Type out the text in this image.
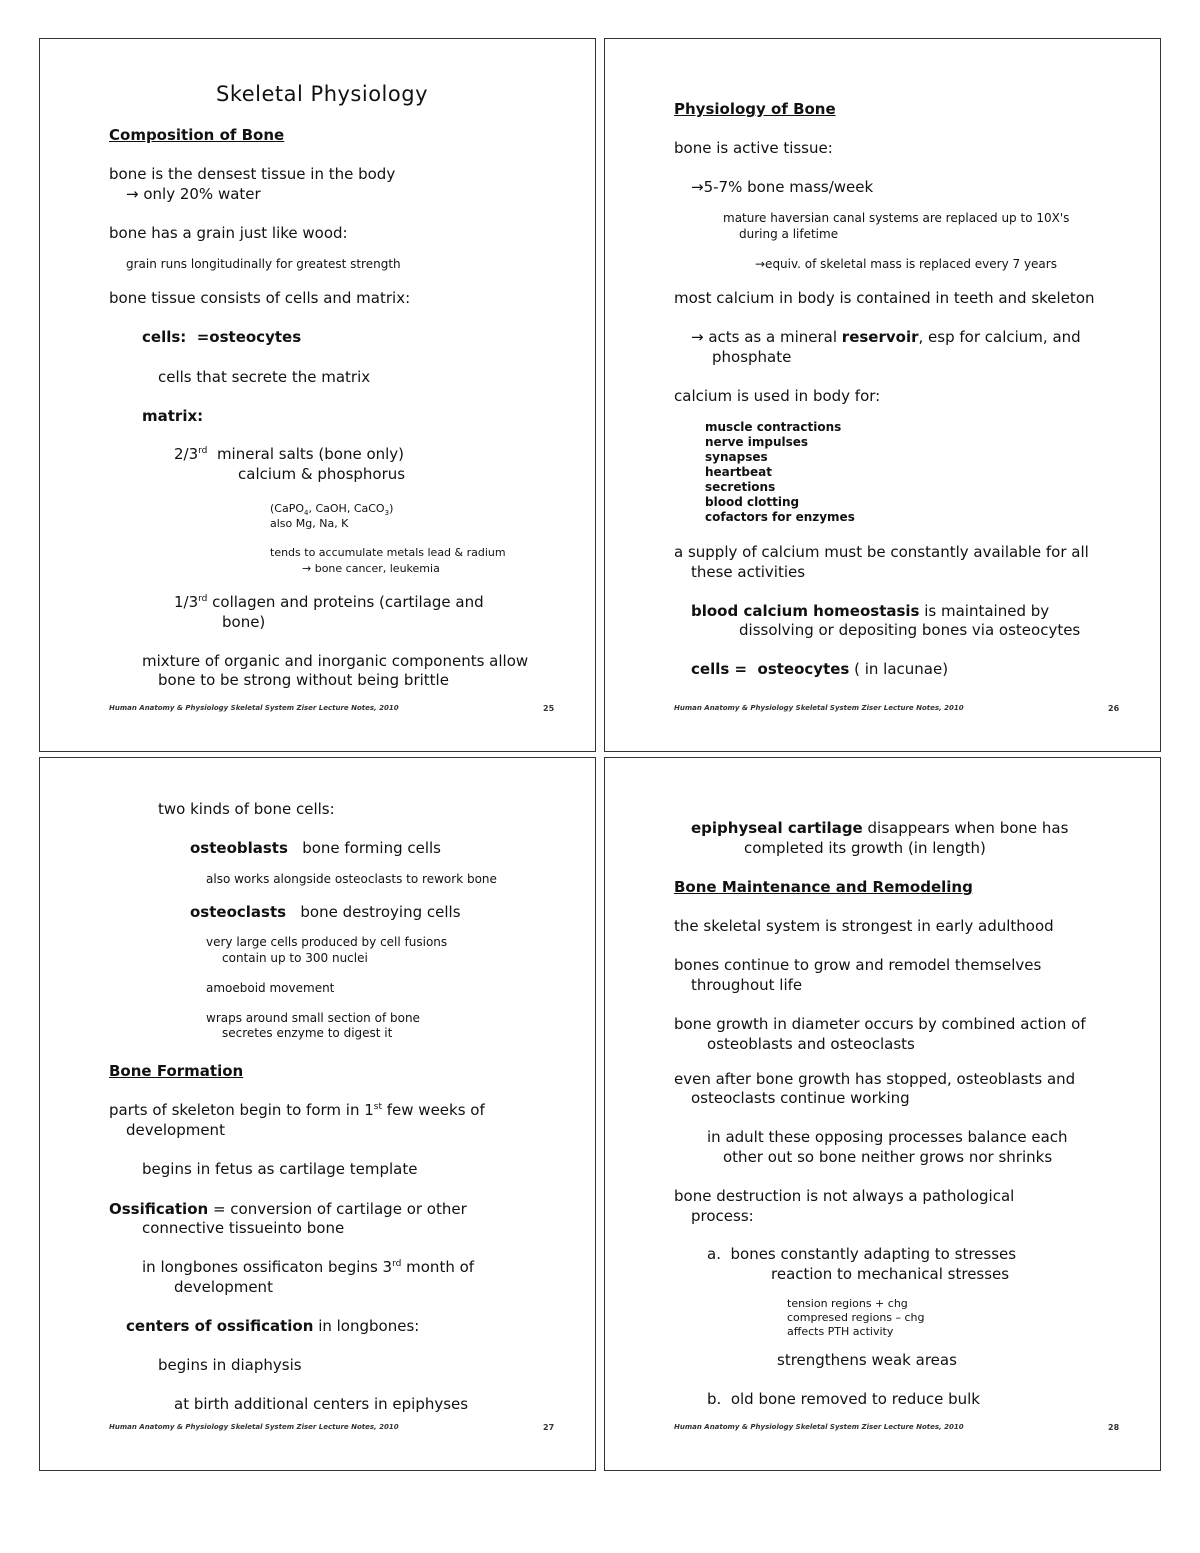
Skeletal Physiology
Composition of Bone
bone is the densest tissue in the body
→ only 20% water
bone has a grain just like wood:
grain runs longitudinally for greatest strength
bone tissue consists of cells and matrix:
cells:  =osteocytes
cells that secrete the matrix
matrix:
2/3rd  mineral salts (bone only)
calcium & phosphorus
(CaPO$_4$, CaOH, CaCO$_3$)
also Mg, Na, K
tends to accumulate metals lead & radium
→ bone cancer, leukemia
1/3rd collagen and proteins (cartilage and
bone)
mixture of organic and inorganic components allow
bone to be strong without being brittle
Human Anatomy & Physiology Skeletal System Ziser Lecture Notes, 2010	25
Physiology of Bone
bone is active tissue:
→5-7% bone mass/week
mature haversian canal systems are replaced up to 10X's
during a lifetime
→equiv. of skeletal mass is replaced every 7 years
most calcium in body is contained in teeth and skeleton
→ acts as a mineral reservoir, esp for calcium, and
phosphate
calcium is used in body for:
muscle contractions
nerve impulses
synapses
heartbeat
secretions
blood clotting
cofactors for enzymes
a supply of calcium must be constantly available for all
these activities
blood calcium homeostasis is maintained by
dissolving or depositing bones via osteocytes
cells =  osteocytes ( in lacunae)
Human Anatomy & Physiology Skeletal System Ziser Lecture Notes, 2010	26
two kinds of bone cells:
osteoblasts   bone forming cells
also works alongside osteoclasts to rework bone
osteoclasts   bone destroying cells
very large cells produced by cell fusions
contain up to 300 nuclei
amoeboid movement
wraps around small section of bone
secretes enzyme to digest it
Bone Formation
parts of skeleton begin to form in 1st few weeks of
development
begins in fetus as cartilage template
Ossification = conversion of cartilage or other
connective tissueinto bone
in longbones ossificaton begins 3rd month of
development
centers of ossification in longbones:
begins in diaphysis
at birth additional centers in epiphyses
Human Anatomy & Physiology Skeletal System Ziser Lecture Notes, 2010	27
epiphyseal cartilage disappears when bone has
completed its growth (in length)
Bone Maintenance and Remodeling
the skeletal system is strongest in early adulthood
bones continue to grow and remodel themselves
throughout life
bone growth in diameter occurs by combined action of
osteoblasts and osteoclasts
even after bone growth has stopped, osteoblasts and
osteoclasts continue working
in adult these opposing processes balance each
other out so bone neither grows nor shrinks
bone destruction is not always a pathological
process:
a.  bones constantly adapting to stresses
reaction to mechanical stresses
tension regions + chg
compresed regions – chg
affects PTH activity
strengthens weak areas
b.  old bone removed to reduce bulk
Human Anatomy & Physiology Skeletal System Ziser Lecture Notes, 2010	28
